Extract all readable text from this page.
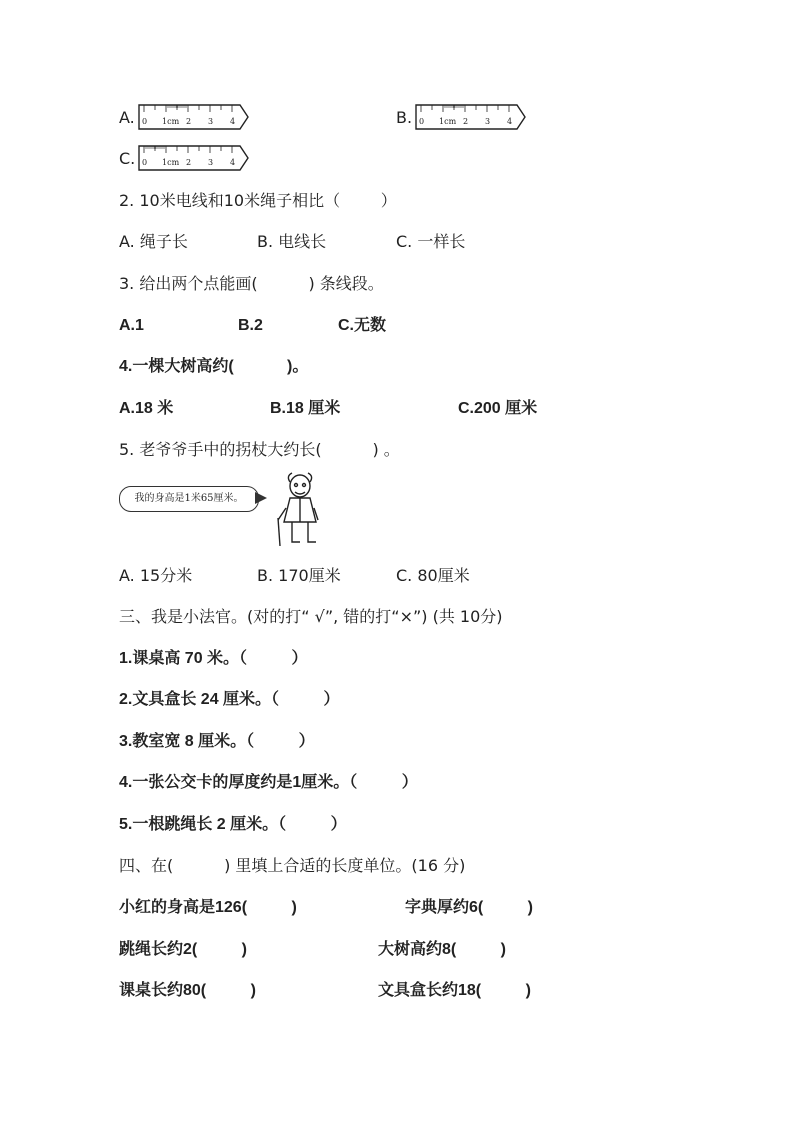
A. 0 1cm 2 3 4	B. 0 1cm 2 3 4
C. 0 1cm 2 3 4
2. 10米电线和10米绳子相比（        ）
A. 绳子长	B. 电线长	C. 一样长
3. 给出两个点能画(          ) 条线段。
A.1	B.2	C.无数
4.一棵大树高约(            )。
A.18 米	B.18 厘米	C.200 厘米
5. 老爷爷手中的拐杖大约长(          ) 。
我的身高是1米65厘米。
A. 15分米	B. 170厘米	C. 80厘米
三、我是小法官。(对的打“ √”, 错的打“×”) (共 10分)
1.课桌高 70 米。（          ）
2.文具盒长 24 厘米。（          ）
3.教室宽 8 厘米。（          ）
4.一张公交卡的厚度约是1厘米。（          ）
5.一根跳绳长 2 厘米。（          ）
四、在(          ) 里填上合适的长度单位。(16 分)
小红的身高是126(          )	字典厚约6(          )
跳绳长约2(          )	大树高约8(          )
课桌长约80(          )	文具盒长约18(          )
